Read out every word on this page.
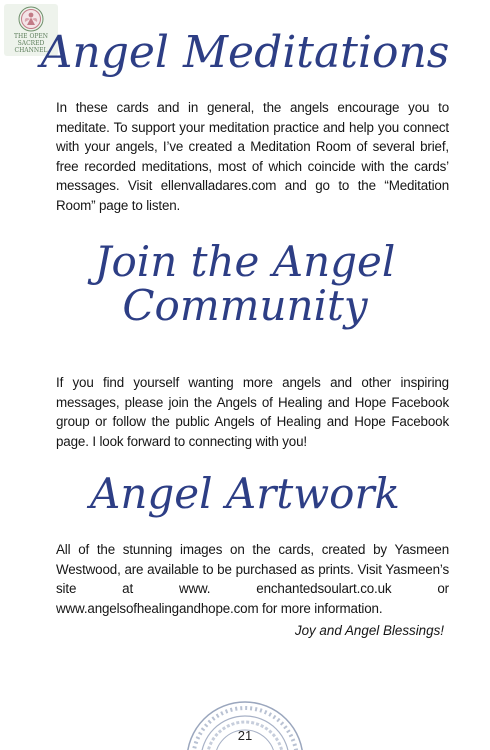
THE OPEN
SACRED CHANNEL
Angel Meditations

In these cards and in general, the angels encourage you to meditate. To support your meditation practice and help you connect with your angels, I’ve created a Meditation Room of several brief, free recorded meditations, most of which coincide with the cards’ messages. Visit ellenvalladares.com and go to the “Meditation Room” page to listen.

Join the Angel
Community

If you find yourself wanting more angels and other inspiring messages, please join the Angels of Healing and Hope Facebook group or follow the public Angels of Healing and Hope Facebook page. I look forward to connecting with you!

Angel Artwork

All of the stunning images on the cards, created by Yasmeen Westwood, are available to be purchased as prints. Visit Yasmeen’s site at www. enchantedsoulart.co.uk or www.angelsofhealingandhope.com for more information.

Joy and Angel Blessings!

21
